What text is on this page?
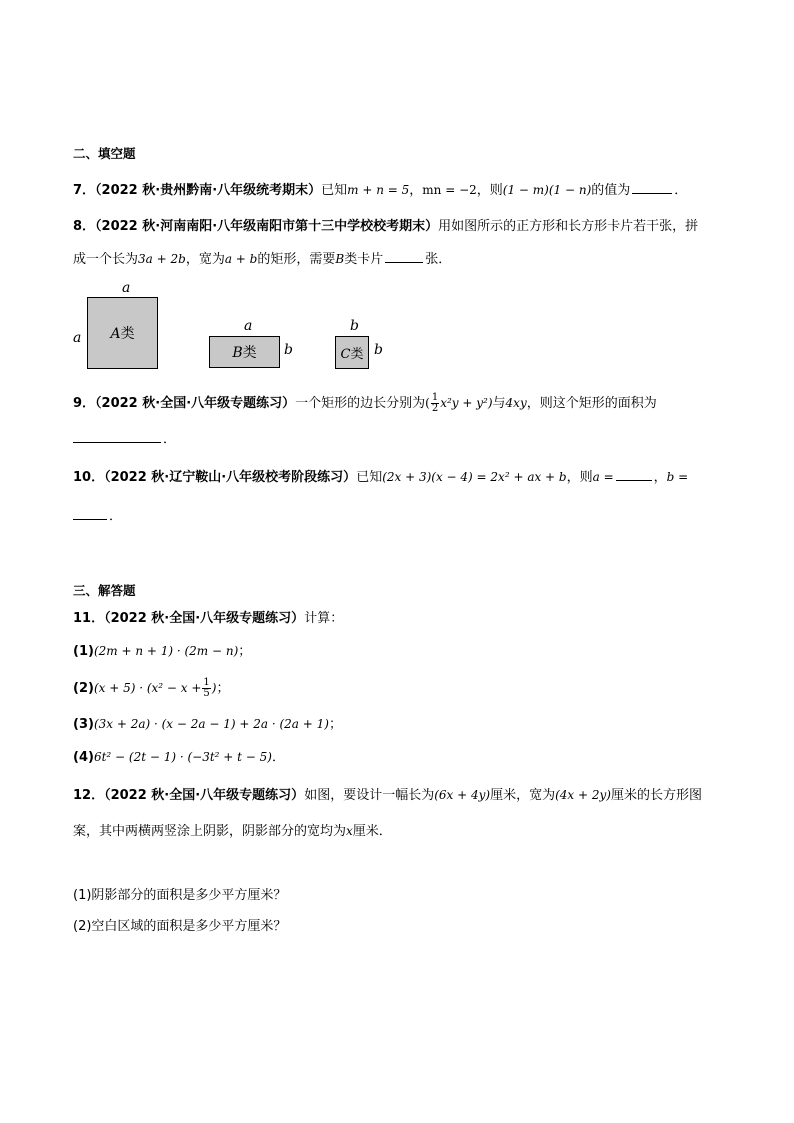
二、填空题
7．（2022 秋·贵州黔南·八年级统考期末）已知m + n = 5，mn = −2，则(1 − m)(1 − n)的值为	．
8．（2022 秋·河南南阳·八年级南阳市第十三中学校校考期末）用如图所示的正方形和长方形卡片若干张，拼
成一个长为3a + 2b，宽为a + b的矩形，需要B类卡片	张．
a
a A类	a
B类 b
b
C类 b
9．（2022 秋·全国·八年级专题练习）一个矩形的边长分别为( $\frac{1}{2} x^2y + y^2$)与4xy，则这个矩形的面积为
．
10．（2022 秋·辽宁鞍山·八年级校考阶段练习）已知(2x + 3)(x − 4) = 2x² + ax + b，则a =	，b =
．
三、解答题
11．（2022 秋·全国·八年级专题练习）计算：
(1)(2m + n + 1) · (2m − n)；
$(2)(x + 5) \cdot (x^2 - x + \frac{1}{5}$ )；
(3)(3x + 2a) · (x − 2a − 1) + 2a · (2a + 1)；
(4)6t² − (2t − 1) · (−3t² + t − 5)．
12．（2022 秋·全国·八年级专题练习）如图，要设计一幅长为(6x + 4y)厘米，宽为(4x + 2y)厘米的长方形图
案，其中两横两竖涂上阴影，阴影部分的宽均为x厘米．
(1)阴影部分的面积是多少平方厘米？
(2)空白区域的面积是多少平方厘米？
